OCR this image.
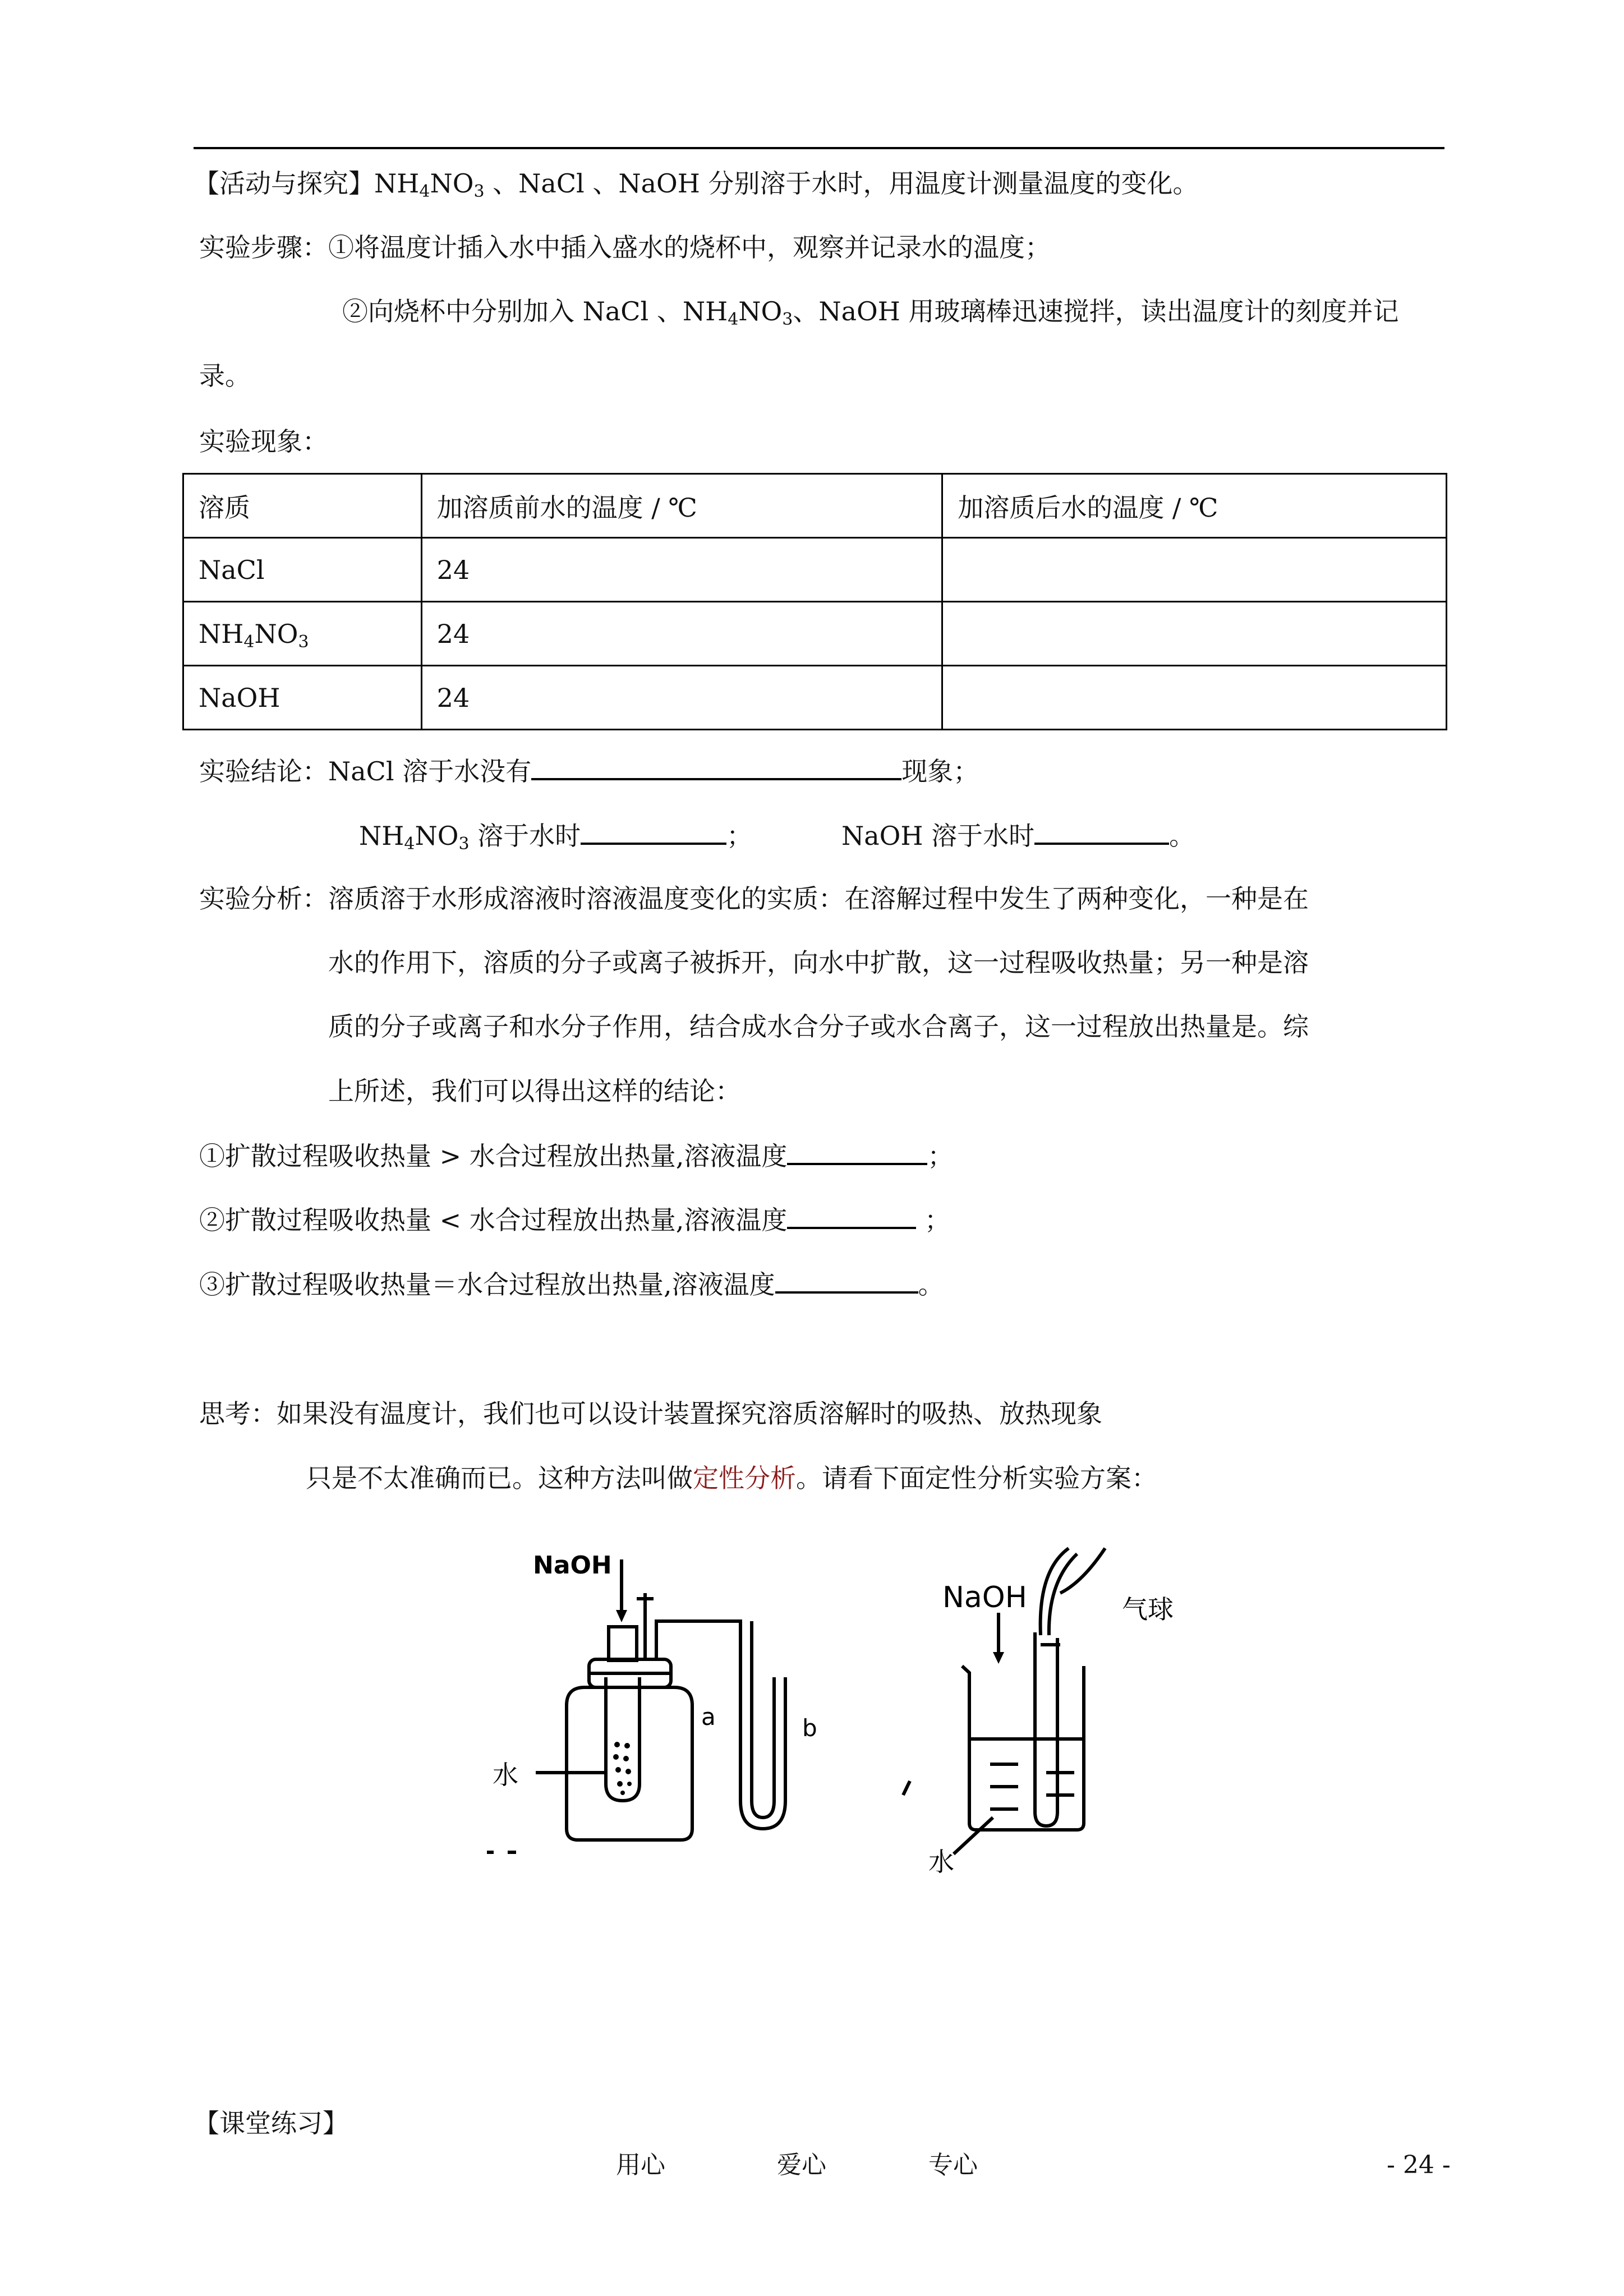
【活动与探究】$NH_4NO_3$ 、NaCl 、NaOH 分别溶于水时，用温度计测量温度的变化。
实验步骤：①将温度计插入水中插入盛水的烧杯中，观察并记录水的温度；
②向烧杯中分别加入 NaCl 、$NH_4NO_3$、NaOH 用玻璃棒迅速搅拌，读出温度计的刻度并记
录。
实验现象：
溶质	加溶质前水的温度 / ℃	加溶质后水的温度 / ℃
NaCl	24	
$NH_4NO_3$	24	
NaOH	24	
实验结论：NaCl 溶于水没有	现象；
$NH_4NO_3$ 溶于水时	；	NaOH 溶于水时	。
实验分析：溶质溶于水形成溶液时溶液温度变化的实质：在溶解过程中发生了两种变化，一种是在
水的作用下，溶质的分子或离子被拆开，向水中扩散，这一过程吸收热量；另一种是溶
质的分子或离子和水分子作用，结合成水合分子或水合离子，这一过程放出热量是。综
上所述，我们可以得出这样的结论：
①扩散过程吸收热量 > 水合过程放出热量,溶液温度	；
②扩散过程吸收热量 < 水合过程放出热量,溶液温度	；
③扩散过程吸收热量＝水合过程放出热量,溶液温度	。
思考：如果没有温度计，我们也可以设计装置探究溶质溶解时的吸热、放热现象
只是不太准确而已。这种方法叫做定性分析。请看下面定性分析实验方案：
NaOH
水
a	b
NaOH	气球
水
【课堂练习】
用心	爱心	专心	- 24 -
